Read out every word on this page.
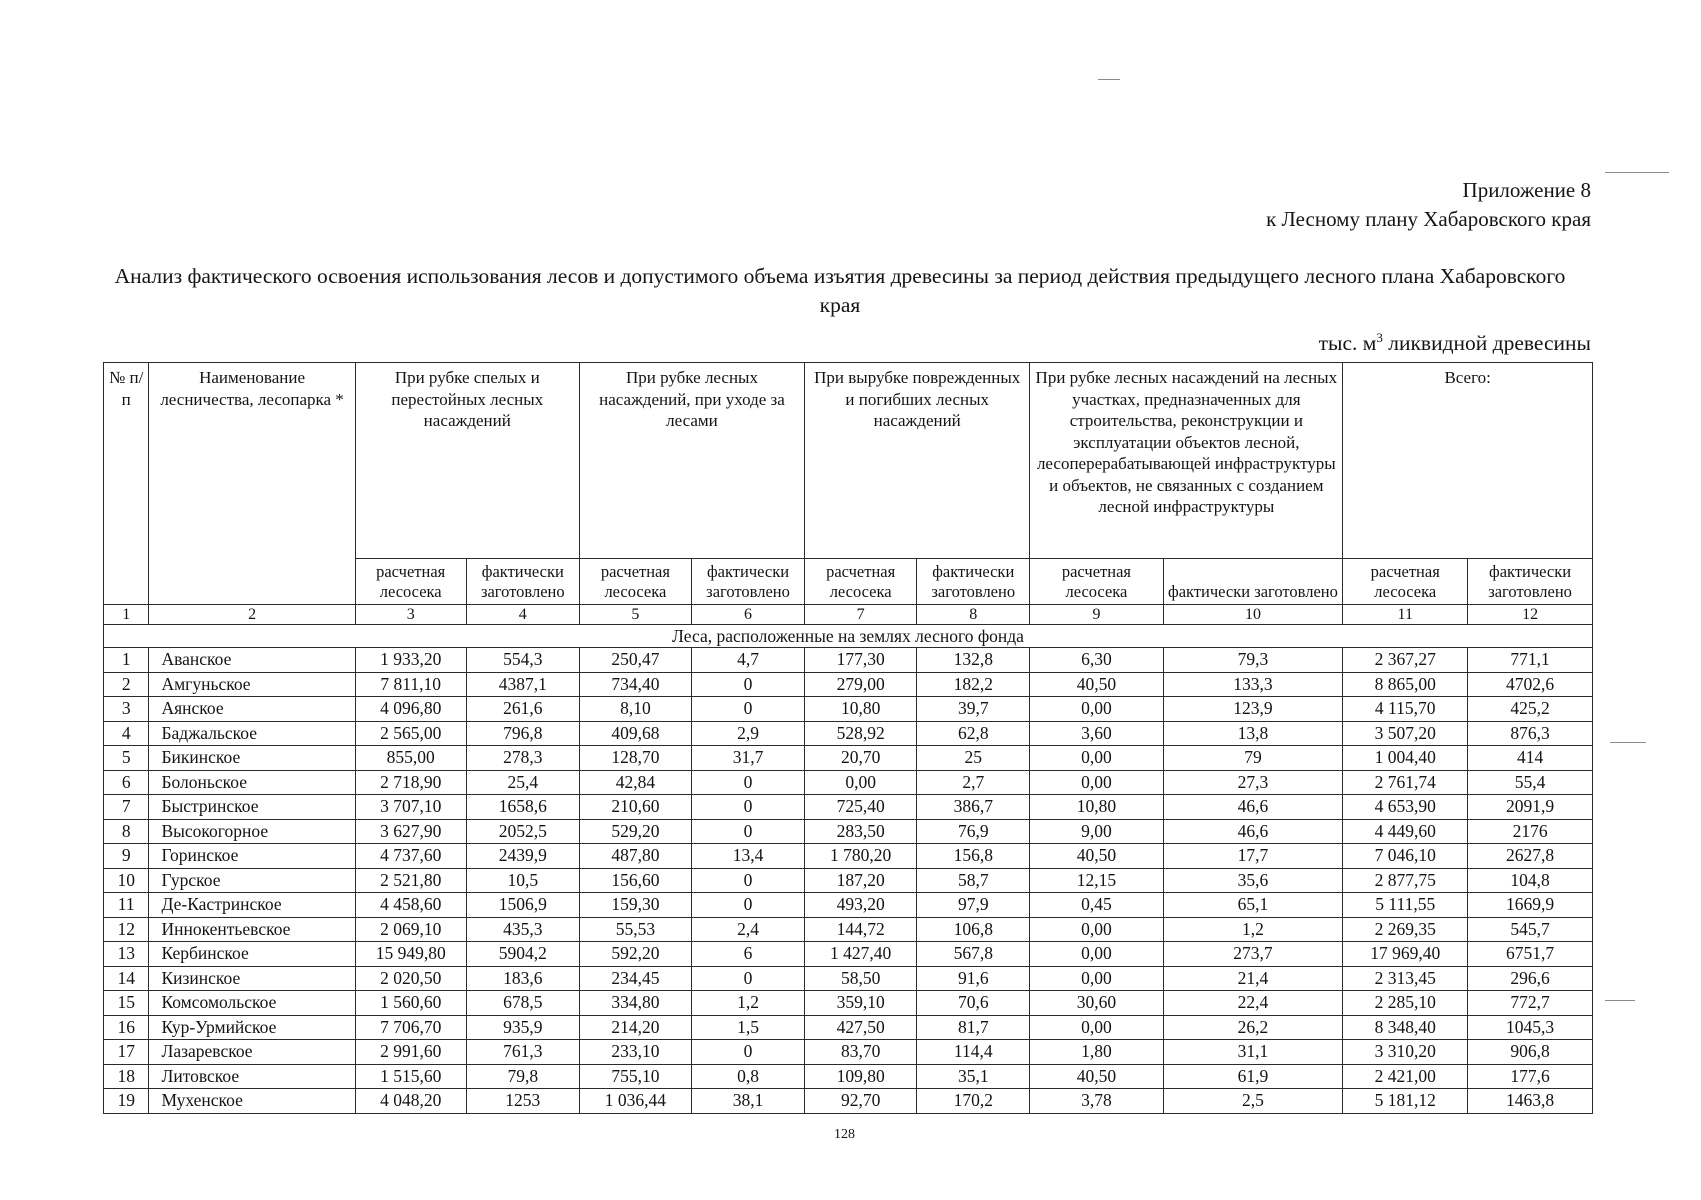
Приложение 8
к Лесному плану Хабаровского края
Анализ фактического освоения использования лесов и допустимого объема изъятия древесины за период действия предыдущего лесного плана Хабаровского края
тыс. $м^3$ ликвидной древесины
№ п/п	Наименование лесничества, лесопарка *	При рубке спелых и перестойных лесных насаждений		При рубке лесных насаждений, при уходе за лесами		При вырубке поврежденных и погибших лесных насаждений		При рубке лесных насаждений на лесных участках, предназначенных для строительства, реконструкции и эксплуатации объектов лесной, лесоперерабатывающей инфраструктуры и объектов, не связанных с созданием лесной инфраструктуры		Всего:	
		расчетная лесосека	фактически заготовлено	расчетная лесосека	фактически заготовлено	расчетная лесосека	фактически заготовлено	расчетная лесосека	фактически заготовлено	расчетная лесосека	фактически заготовлено
1	2	3	4	5	6	7	8	9	10	11	12
Леса, расположенные на землях лесного фонда											
1	Аванское	1 933,20	554,3	250,47	4,7	177,30	132,8	6,30	79,3	2 367,27	771,1
2	Амгуньское	7 811,10	4387,1	734,40	0	279,00	182,2	40,50	133,3	8 865,00	4702,6
3	Аянское	4 096,80	261,6	8,10	0	10,80	39,7	0,00	123,9	4 115,70	425,2
4	Баджальское	2 565,00	796,8	409,68	2,9	528,92	62,8	3,60	13,8	3 507,20	876,3
5	Бикинское	855,00	278,3	128,70	31,7	20,70	25	0,00	79	1 004,40	414
6	Болоньское	2 718,90	25,4	42,84	0	0,00	2,7	0,00	27,3	2 761,74	55,4
7	Быстринское	3 707,10	1658,6	210,60	0	725,40	386,7	10,80	46,6	4 653,90	2091,9
8	Высокогорное	3 627,90	2052,5	529,20	0	283,50	76,9	9,00	46,6	4 449,60	2176
9	Горинское	4 737,60	2439,9	487,80	13,4	1 780,20	156,8	40,50	17,7	7 046,10	2627,8
10	Гурское	2 521,80	10,5	156,60	0	187,20	58,7	12,15	35,6	2 877,75	104,8
11	Де-Кастринское	4 458,60	1506,9	159,30	0	493,20	97,9	0,45	65,1	5 111,55	1669,9
12	Иннокентьевское	2 069,10	435,3	55,53	2,4	144,72	106,8	0,00	1,2	2 269,35	545,7
13	Кербинское	15 949,80	5904,2	592,20	6	1 427,40	567,8	0,00	273,7	17 969,40	6751,7
14	Кизинское	2 020,50	183,6	234,45	0	58,50	91,6	0,00	21,4	2 313,45	296,6
15	Комсомольское	1 560,60	678,5	334,80	1,2	359,10	70,6	30,60	22,4	2 285,10	772,7
16	Кур-Урмийское	7 706,70	935,9	214,20	1,5	427,50	81,7	0,00	26,2	8 348,40	1045,3
17	Лазаревское	2 991,60	761,3	233,10	0	83,70	114,4	1,80	31,1	3 310,20	906,8
18	Литовское	1 515,60	79,8	755,10	0,8	109,80	35,1	40,50	61,9	2 421,00	177,6
19	Мухенское	4 048,20	1253	1 036,44	38,1	92,70	170,2	3,78	2,5	5 181,12	1463,8
128
